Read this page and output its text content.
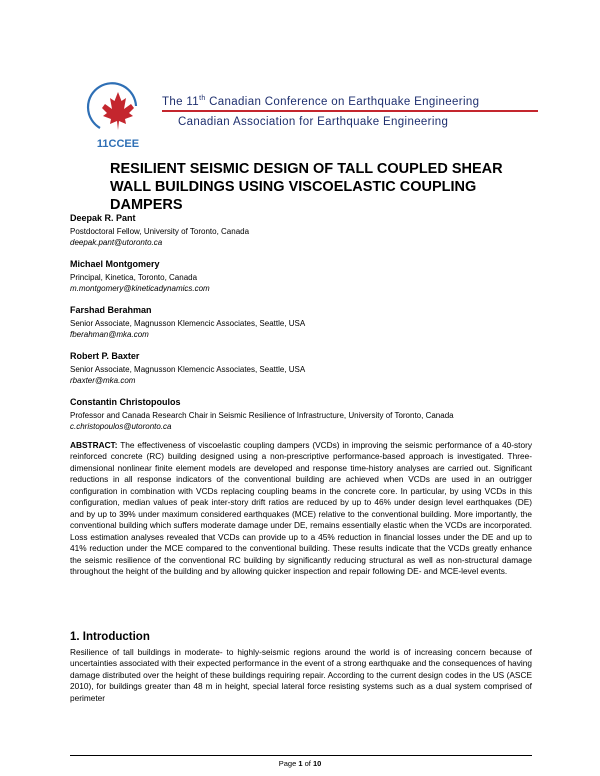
11CCEE
The 11th Canadian Conference on Earthquake Engineering
Canadian Association for Earthquake Engineering
RESILIENT SEISMIC DESIGN OF TALL COUPLED SHEAR WALL BUILDINGS USING VISCOELASTIC COUPLING DAMPERS
Deepak R. Pant
Postdoctoral Fellow, University of Toronto, Canada
deepak.pant@utoronto.ca
Michael Montgomery
Principal, Kinetica, Toronto, Canada
m.montgomery@kineticadynamics.com
Farshad Berahman
Senior Associate, Magnusson Klemencic Associates, Seattle, USA
fberahman@mka.com
Robert P. Baxter
Senior Associate, Magnusson Klemencic Associates, Seattle, USA
rbaxter@mka.com
Constantin Christopoulos
Professor and Canada Research Chair in Seismic Resilience of Infrastructure, University of Toronto, Canada
c.christopoulos@utoronto.ca
ABSTRACT: The effectiveness of viscoelastic coupling dampers (VCDs) in improving the seismic performance of a 40-story reinforced concrete (RC) building designed using a non-prescriptive performance-based approach is investigated. Three-dimensional nonlinear finite element models are developed and response time-history analyses are carried out. Significant reductions in all response indicators of the conventional building are achieved when VCDs are used in an outrigger configuration in combination with VCDs replacing coupling beams in the concrete core. In particular, by using VCDs in this configuration, median values of peak inter-story drift ratios are reduced by up to 46% under design level earthquakes (DE) and by up to 39% under maximum considered earthquakes (MCE) relative to the conventional building. More importantly, the conventional building which suffers moderate damage under DE, remains essentially elastic when the VCDs are incorporated. Loss estimation analyses revealed that VCDs can provide up to a 45% reduction in financial losses under the DE and up to 41% reduction under the MCE compared to the conventional building. These results indicate that the VCDs greatly enhance the seismic resilience of the conventional RC building by significantly reducing structural as well as non-structural damage throughout the height of the building and by allowing quicker inspection and repair following DE- and MCE-level events.
1. Introduction
Resilience of tall buildings in moderate- to highly-seismic regions around the world is of increasing concern because of uncertainties associated with their expected performance in the event of a strong earthquake and the consequences of having damage distributed over the height of these buildings requiring repair. According to the current design codes in the US (ASCE 2010), for buildings greater than 48 m in height, special lateral force resisting systems such as a dual system comprised of perimeter
Page 1 of 10
